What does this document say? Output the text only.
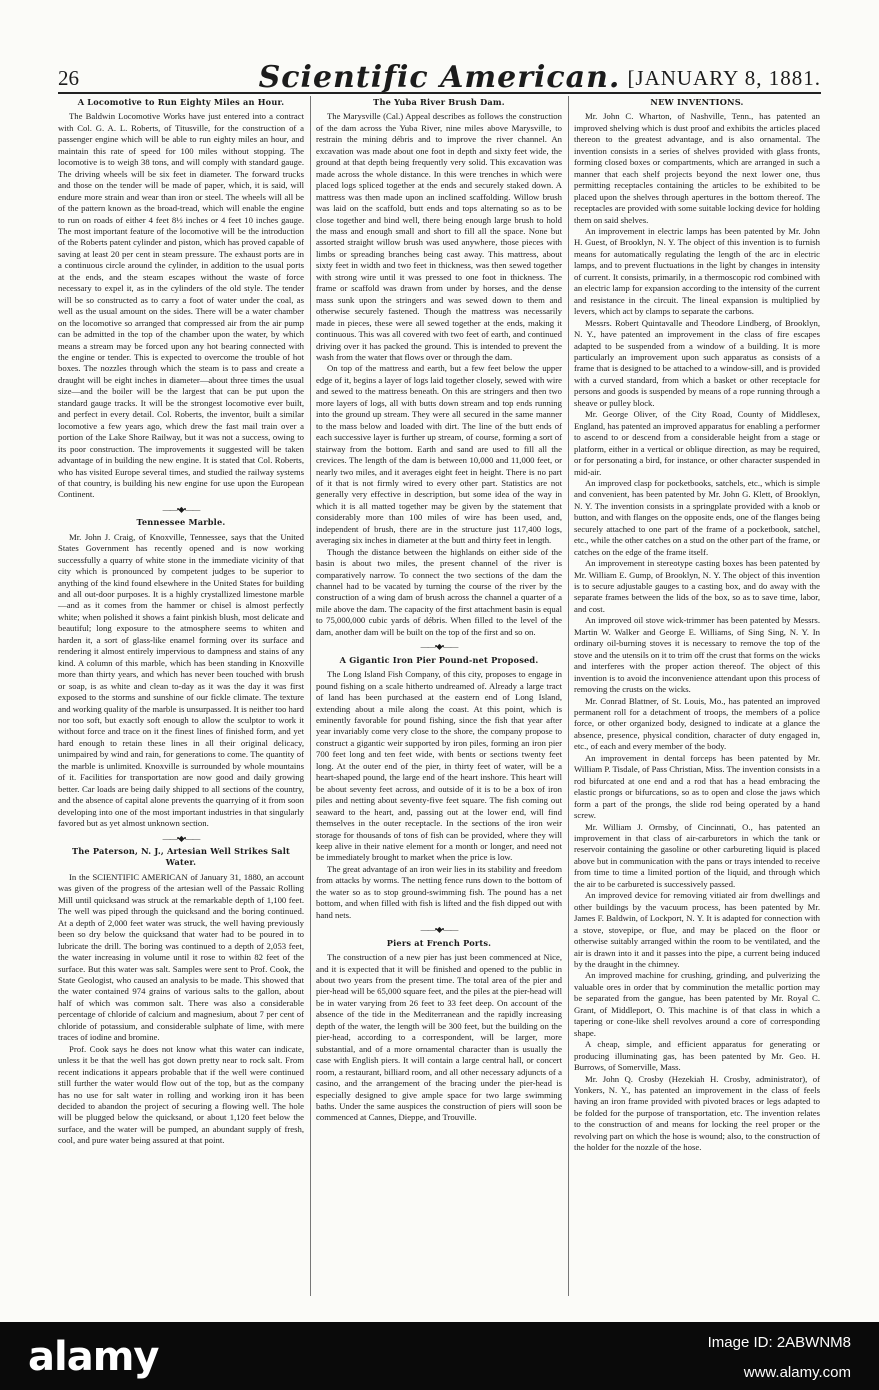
26	Scientific American. [JANUARY 8, 1881.
A Locomotive to Run Eighty Miles an Hour.

The Baldwin Locomotive Works have just entered into a contract with Col. G. A. L. Roberts, of Titusville, for the construction of a passenger engine which will be able to run eighty miles an hour, and maintain this rate of speed for 100 miles without stopping. The locomotive is to weigh 38 tons, and will comply with standard gauge. The driving wheels will be six feet in diameter. The forward trucks and those on the tender will be made of paper, which, it is said, will endure more strain and wear than iron or steel. The wheels will all be of the pattern known as the broad-tread, which will enable the engine to run on roads of either 4 feet 8½ inches or 4 feet 10 inches gauge. The most important feature of the locomotive will be the introduction of the Roberts patent cylinder and piston, which has proved capable of saving at least 20 per cent in steam pressure. The exhaust ports are in a continuous circle around the cylinder, in addition to the usual ports at the ends, and the steam escapes without the waste of force necessary to expel it, as in the cylinders of the old style. The tender will be so constructed as to carry a foot of water under the coal, as well as the usual amount on the sides. There will be a water chamber on the locomotive so arranged that compressed air from the air pump can be admitted in the top of the chamber upon the water, by which means a stream may be forced upon any hot bearing connected with the engine or tender. This is expected to overcome the trouble of hot boxes. The nozzles through which the steam is to pass and create a draught will be eight inches in diameter—about three times the usual size—and the boiler will be the largest that can be put upon the standard gauge tracks. It will be the strongest locomotive ever built, and perfect in every detail. Col. Roberts, the inventor, built a similar locomotive a few years ago, which drew the fast mail train over a portion of the Lake Shore Railway, but it was not a success, owing to its poor construction. The improvements it suggested will be taken advantage of in building the new engine. It is stated that Col. Roberts, who has visited Europe several times, and studied the railway systems of that country, is building his new engine for use upon the European Continent.

——•◆•——
Tennessee Marble.

Mr. John J. Craig, of Knoxville, Tennessee, says that the United States Government has recently opened and is now working successfully a quarry of white stone in the immediate vicinity of that city which is pronounced by competent judges to be superior to anything of the kind found elsewhere in the United States for building and all out-door purposes. It is a highly crystallized limestone marble—and as it comes from the hammer or chisel is almost perfectly white; when polished it shows a faint pinkish blush, most delicate and beautiful; long exposure to the atmosphere seems to whiten and harden it, a sort of glass-like enamel forming over its surface and rendering it almost entirely impervious to dampness and stains of any kind. A column of this marble, which has been standing in Knoxville more than thirty years, and which has never been touched with brush or soap, is as white and clean to-day as it was the day it was first exposed to the storms and sunshine of our fickle climate. The texture and working quality of the marble is unsurpassed. It is neither too hard nor too soft, but exactly soft enough to allow the sculptor to work it without force and trace on it the finest lines of finished form, and yet hard enough to retain these lines in all their original delicacy, unimpaired by wind and rain, for generations to come. The quantity of the marble is unlimited. Knoxville is surrounded by whole mountains of it. Facilities for transportation are now good and daily growing better. Car loads are being daily shipped to all sections of the country, and the absence of capital alone prevents the quarrying of it from soon developing into one of the most important industries in that singularly favored but as yet almost unknown section.

——•◆•——
The Paterson, N. J., Artesian Well Strikes Salt Water.

In the SCIENTIFIC AMERICAN of January 31, 1880, an account was given of the progress of the artesian well of the Passaic Rolling Mill until quicksand was struck at the remarkable depth of 1,100 feet. The well was piped through the quicksand and the boring continued. At a depth of 2,000 feet water was struck, the well having previously been so dry below the quicksand that water had to be poured in to lubricate the drill. The boring was continued to a depth of 2,053 feet, the water increasing in volume until it rose to within 82 feet of the surface. But this water was salt. Samples were sent to Prof. Cook, the State Geologist, who caused an analysis to be made. This showed that the water contained 974 grains of various salts to the gallon, about half of which was common salt. There was also a considerable percentage of chloride of calcium and magnesium, about 7 per cent of chloride of potassium, and considerable sulphate of lime, with mere traces of iodine and bromine.

Prof. Cook says he does not know what this water can indicate, unless it be that the well has got down pretty near to rock salt. From recent indications it appears probable that if the well were continued still further the water would flow out of the top, but as the company has no use for salt water in rolling and working iron it has been decided to abandon the project of securing a flowing well. The hole will be plugged below the quicksand, or about 1,120 feet below the surface, and the water will be pumped, an abundant supply of fresh, cool, and pure water being assured at that point.

The Yuba River Brush Dam.

The Marysville (Cal.) Appeal describes as follows the construction of the dam across the Yuba River, nine miles above Marysville, to restrain the mining débris and to improve the river channel. An excavation was made about one foot in depth and sixty feet wide, the ground at that depth being frequently very solid. This excavation was made across the whole distance. In this were trenches in which were placed logs spliced together at the ends and securely staked down. A mattress was then made upon an inclined scaffolding. Willow brush was laid on the scaffold, butt ends and tops alternating so as to be close together and bind well, there being enough large brush to hold the mass and enough small and short to fill all the space. None but assorted straight willow brush was used anywhere, those pieces with limbs or spreading branches being cast away. This mattress, about sixty feet in width and two feet in thickness, was then sewed together with strong wire until it was pressed to one foot in thickness. The frame or scaffold was drawn from under by horses, and the dense mass sunk upon the stringers and was sewed down to them and otherwise securely fastened. Though the mattress was necessarily made in pieces, these were all sewed together at the ends, making it continuous. This was all covered with two feet of earth, and continued driving over it has packed the ground. This is intended to prevent the wash from the water that flows over or through the dam.

On top of the mattress and earth, but a few feet below the upper edge of it, begins a layer of logs laid together closely, sewed with wire and sewed to the mattress beneath. On this are stringers and then two more layers of logs, all with butts down stream and top ends running into the ground up stream. They were all secured in the same manner to the mass below and loaded with dirt. The line of the butt ends of each successive layer is further up stream, of course, forming a sort of stairway from the bottom. Earth and sand are used to fill all the crevices. The length of the dam is between 10,000 and 11,000 feet, or nearly two miles, and it averages eight feet in height. There is no part of it that is not firmly wired to every other part. Statistics are not generally very effective in description, but some idea of the way in which it is all matted together may be given by the statement that considerably more than 100 miles of wire has been used, and, independent of brush, there are in the structure just 117,400 logs, averaging six inches in diameter at the butt and thirty feet in length.

Though the distance between the highlands on either side of the basin is about two miles, the present channel of the river is comparatively narrow. To connect the two sections of the dam the channel had to be vacated by turning the course of the river by the construction of a wing dam of brush across the channel a quarter of a mile above the dam. The capacity of the first attachment basin is equal to 75,000,000 cubic yards of débris. When filled to the level of the dam, another dam will be built on the top of the first and so on.

——•◆•——
A Gigantic Iron Pier Pound-net Proposed.

The Long Island Fish Company, of this city, proposes to engage in pound fishing on a scale hitherto undreamed of. Already a large tract of land has been purchased at the eastern end of Long Island, extending about a mile along the coast. At this point, which is eminently favorable for pound fishing, since the fish that year after year invariably come very close to the shore, the company propose to construct a gigantic weir supported by iron piles, forming an iron pier 700 feet long and ten feet wide, with bents or sections twenty feet long. At the outer end of the pier, in thirty feet of water, will be a heart-shaped pound, the large end of the heart inshore. This heart will be about seventy feet across, and outside of it is to be a box of iron piles and netting about seventy-five feet square. The fish coming out seaward to the heart, and, passing out at the lower end, will find themselves in the outer receptacle. In the sections of the iron weir storage for thousands of tons of fish can be provided, where they will keep alive in their native element for a month or longer, and need not be immediately brought to market when the price is low.

The great advantage of an iron weir lies in its stability and freedom from attacks by worms. The netting fence runs down to the bottom of the water so as to stop ground-swimming fish. The pound has a net bottom, and when filled with fish is lifted and the fish dipped out with hand nets.

——•◆•——
Piers at French Ports.

The construction of a new pier has just been commenced at Nice, and it is expected that it will be finished and opened to the public in about two years from the present time. The total area of the pier and pier-head will be 65,000 square feet, and the piles at the pier-head will be in water varying from 26 feet to 33 feet deep. On account of the absence of the tide in the Mediterranean and the rapidly increasing depth of the water, the length will be 300 feet, but the building on the pier-head, according to a correspondent, will be larger, more substantial, and of a more ornamental character than is usually the case with English piers. It will contain a large central hall, or concert room, a restaurant, billiard room, and all other necessary adjuncts of a casino, and the arrangement of the bracing under the pier-head is especially designed to give ample space for two large swimming baths. Under the same auspices the construction of piers will soon be commenced at Cannes, Dieppe, and Trouville.

NEW INVENTIONS.

Mr. John C. Wharton, of Nashville, Tenn., has patented an improved shelving which is dust proof and exhibits the articles placed thereon to the greatest advantage, and is also ornamental. The invention consists in a series of shelves provided with glass fronts, forming closed boxes or compartments, which are arranged in such a manner that each shelf projects beyond the next lower one, thus permitting receptacles containing the articles to be exhibited to be placed upon the shelves through apertures in the bottom thereof. The receptacles are provided with some suitable locking device for holding them on said shelves.

An improvement in electric lamps has been patented by Mr. John H. Guest, of Brooklyn, N. Y. The object of this invention is to furnish means for automatically regulating the length of the arc in electric lamps, and to prevent fluctuations in the light by changes in intensity of current. It consists, primarily, in a thermoscopic rod combined with an electric lamp for expansion according to the intensity of the current and resistance in the circuit. The lineal expansion is multiplied by levers, which act by clamps to separate the carbons.

Messrs. Robert Quintavalle and Theodore Lindberg, of Brooklyn, N. Y., have patented an improvement in the class of fire escapes adapted to be suspended from a window of a building. It is more particularly an improvement upon such apparatus as consists of a frame that is designed to be attached to a window-sill, and is provided with a curved standard, from which a basket or other receptacle for persons and goods is suspended by means of a rope running through a sheave or pulley block.

Mr. George Oliver, of the City Road, County of Middlesex, England, has patented an improved apparatus for enabling a performer to ascend to or descend from a considerable height from a stage or platform, either in a vertical or oblique direction, as may be required, or for personating a bird, for instance, or other character suspended in mid-air.

An improved clasp for pocketbooks, satchels, etc., which is simple and convenient, has been patented by Mr. John G. Klett, of Brooklyn, N. Y. The invention consists in a springplate provided with a knob or button, and with flanges on the opposite ends, one of the flanges being securely attached to one part of the frame of a pocketbook, satchel, etc., while the other catches on a stud on the other part of the frame, or catches on the edge of the frame itself.

An improvement in stereotype casting boxes has been patented by Mr. William E. Gump, of Brooklyn, N. Y. The object of this invention is to secure adjustable gauges to a casting box, and do away with the separate frames between the lids of the box, so as to save time, labor, and cost.

An improved oil stove wick-trimmer has been patented by Messrs. Martin W. Walker and George E. Williams, of Sing Sing, N. Y. In ordinary oil-burning stoves it is necessary to remove the top of the stove and the utensils on it to trim off the crust that forms on the wicks and interferes with the proper action thereof. The object of this invention is to avoid the inconvenience attendant upon this process of removing the crusts on the wicks.

Mr. Conrad Blattner, of St. Louis, Mo., has patented an improved permanent roll for a detachment of troops, the members of a police force, or other organized body, designed to indicate at a glance the absence, presence, physical condition, character of duty engaged in, etc., of each and every member of the body.

An improvement in dental forceps has been patented by Mr. William P. Tisdale, of Pass Christian, Miss. The invention consists in a rod bifurcated at one end and a rod that has a head embracing the elastic prongs or bifurcations, so as to open and close the jaws which form a part of the prongs, the slide rod being operated by a hand screw.

Mr. William J. Ormsby, of Cincinnati, O., has patented an improvement in that class of air-carburetors in which the tank or reservoir containing the gasoline or other carbureting liquid is placed above but in communication with the pans or trays intended to receive from time to time a limited portion of the liquid, and through which the air to be carbureted is successively passed.

An improved device for removing vitiated air from dwellings and other buildings by the vacuum process, has been patented by Mr. James F. Baldwin, of Lockport, N. Y. It is adapted for connection with a stove, stovepipe, or flue, and may be placed on the floor or otherwise suitably arranged within the room to be ventilated, and the air is drawn into it and it passes into the pipe, a current being induced by the draught in the chimney.

An improved machine for crushing, grinding, and pulverizing the valuable ores in order that by comminution the metallic portion may be separated from the gangue, has been patented by Mr. Royal C. Grant, of Middleport, O. This machine is of that class in which a tapering or cone-like shell revolves around a core of corresponding shape.

A cheap, simple, and efficient apparatus for generating or producing illuminating gas, has been patented by Mr. Geo. H. Burrows, of Somerville, Mass.

Mr. John Q. Crosby (Hezekiah H. Crosby, administrator), of Yonkers, N. Y., has patented an improvement in the class of feels having an iron frame provided with pivoted braces or legs adapted to be folded for the purpose of transportation, etc. The invention relates to the construction of and means for locking the reel proper or the revolving part on which the hose is wound; also, to the construction of the holder for the nozzle of the hose.

alamy	Image ID: 2ABWNM8
www.alamy.com
